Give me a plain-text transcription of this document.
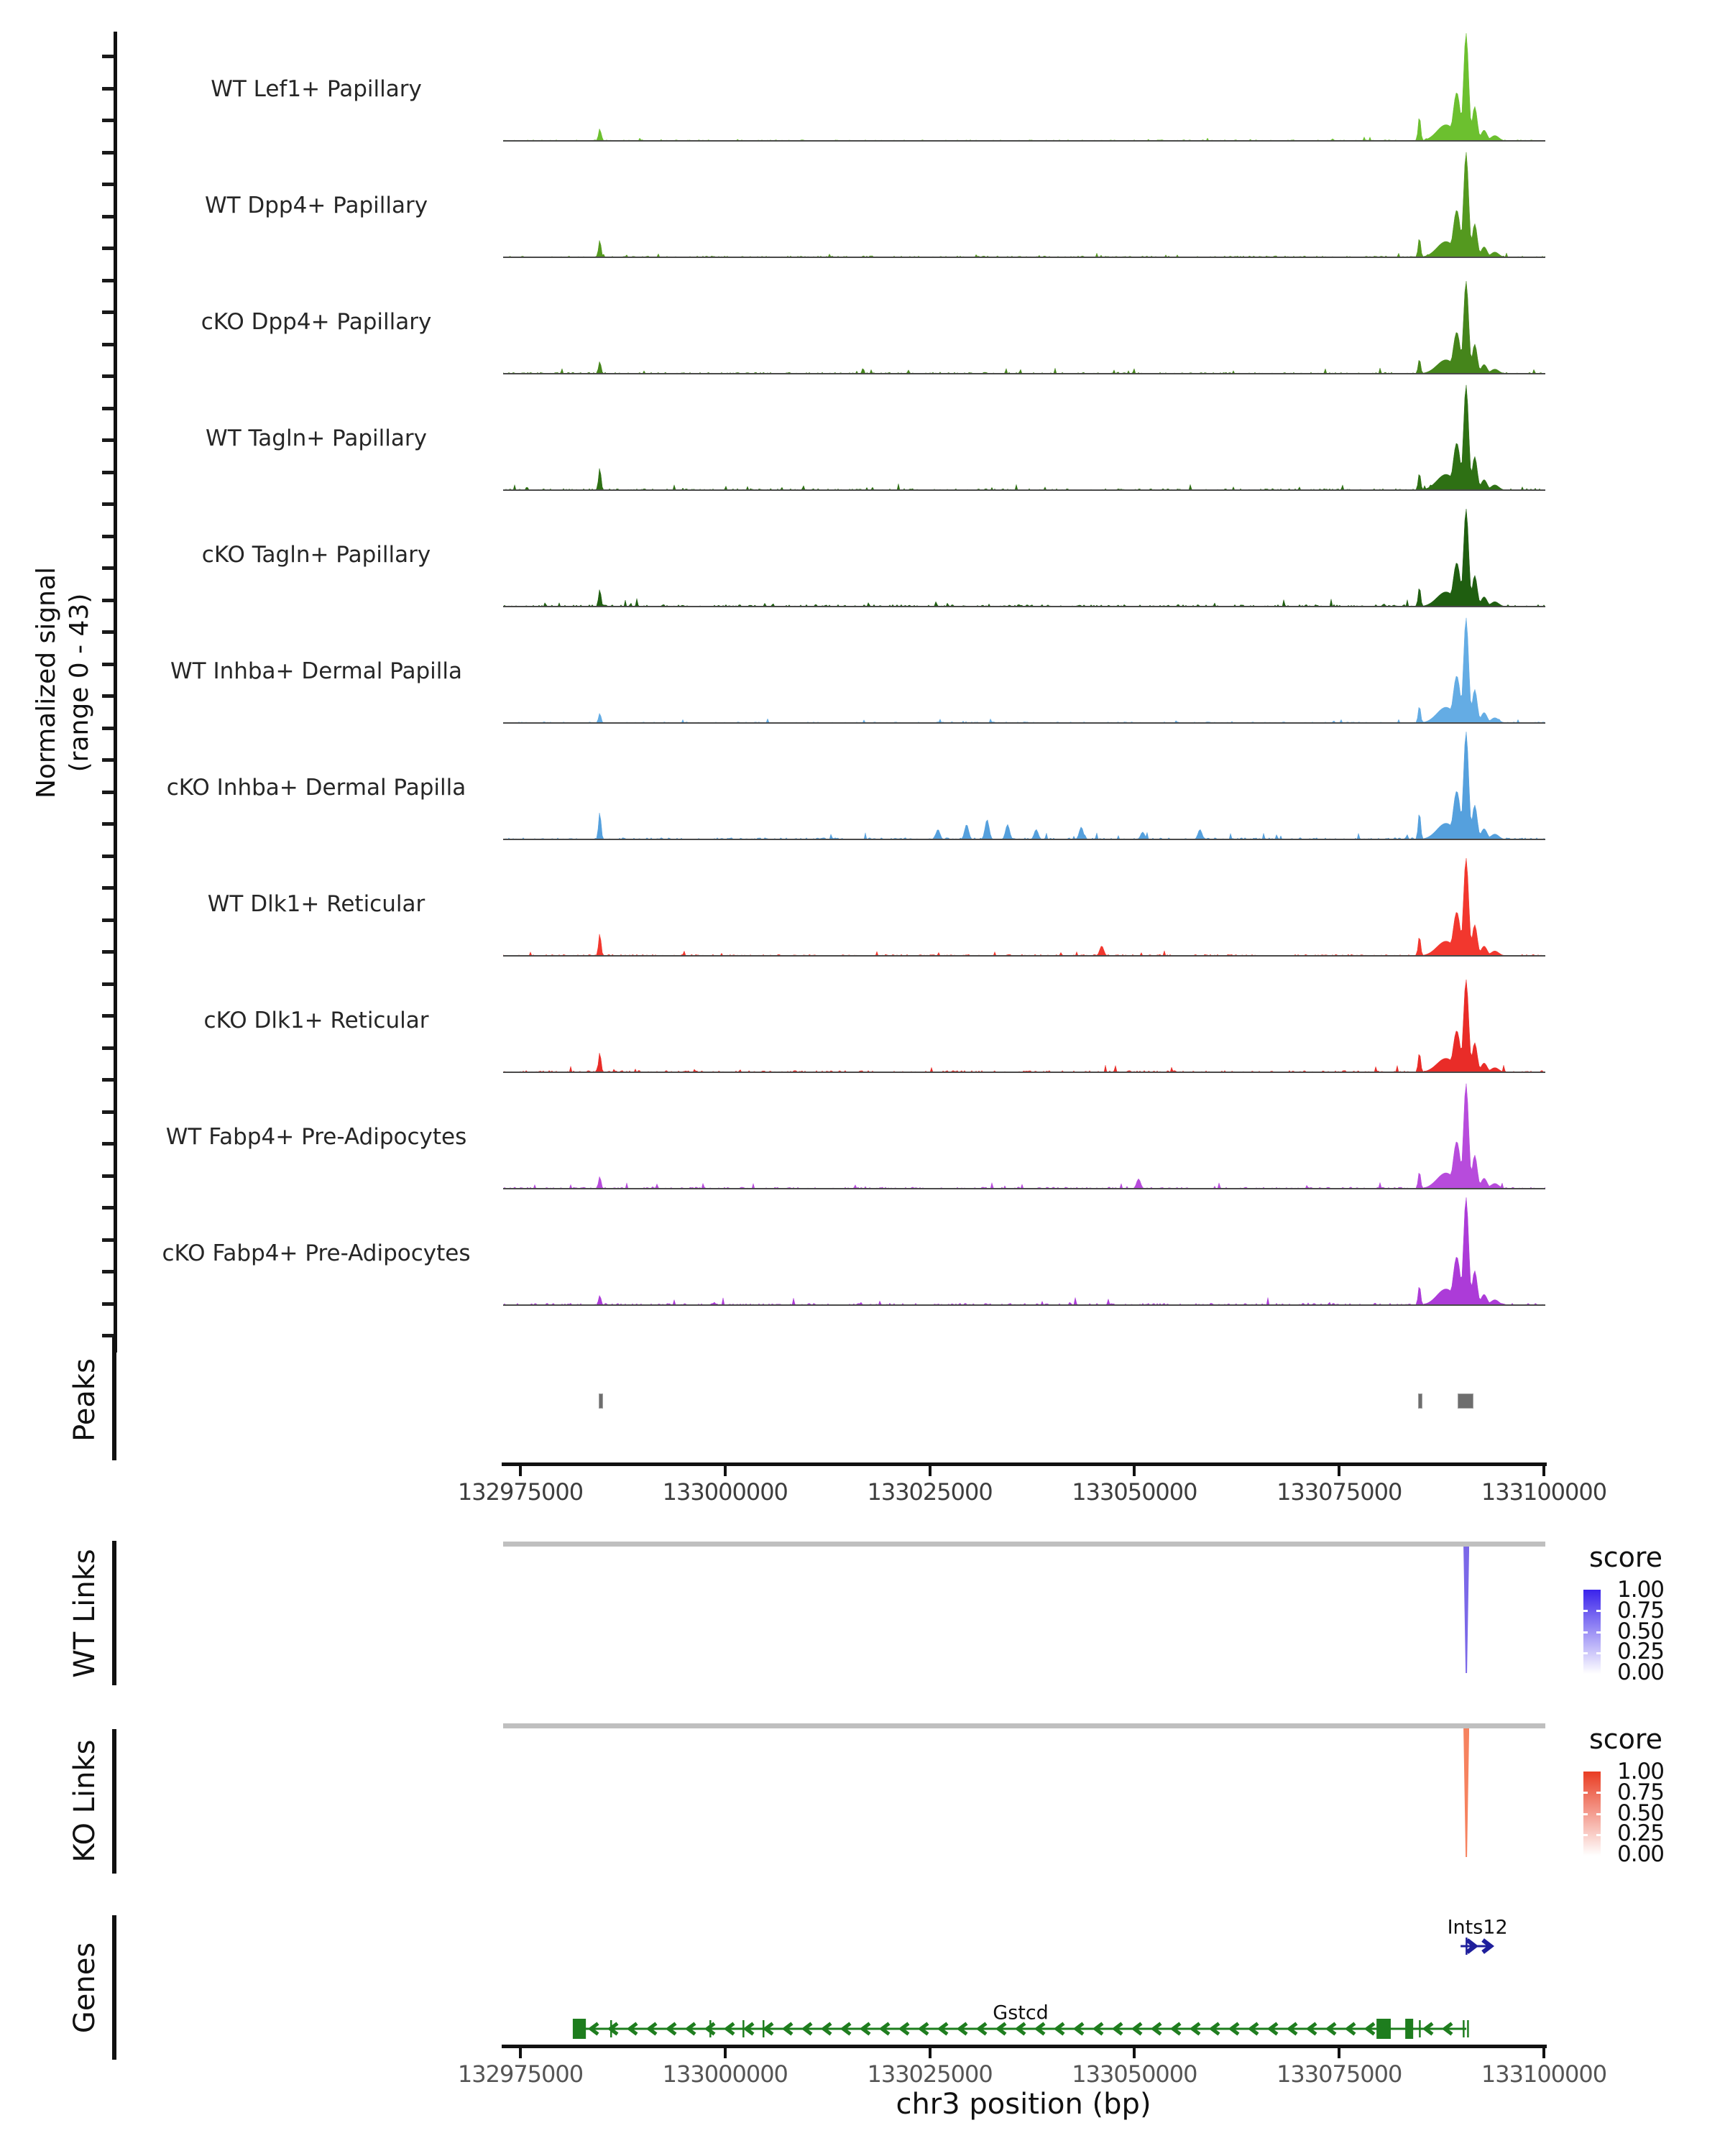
Normalized signal (range 0 - 43)
Peaks
WT Links	score
KO Links
score
Genes
chr3 position (bp)
WT Lef1+ Papillary
WT Dpp4+ Papillary
cKO Dpp4+ Papillary
WT Tagln+ Papillary
cKO Tagln+ Papillary
WT Inhba+ Dermal Papilla
cKO Inhba+ Dermal Papilla
WT Dlk1+ Reticular
cKO Dlk1+ Reticular
WT Fabp4+ Pre-Adipocytes
cKO Fabp4+ Pre-Adipocytes
132975000
132975000
133000000
133000000
133025000
133025000
133050000
133050000
133075000
133075000
133100000
133100000
1.00
0.75
0.50
0.25
0.00
1.00
0.75
0.50
0.25
0.00
Ints12
Gstcd
